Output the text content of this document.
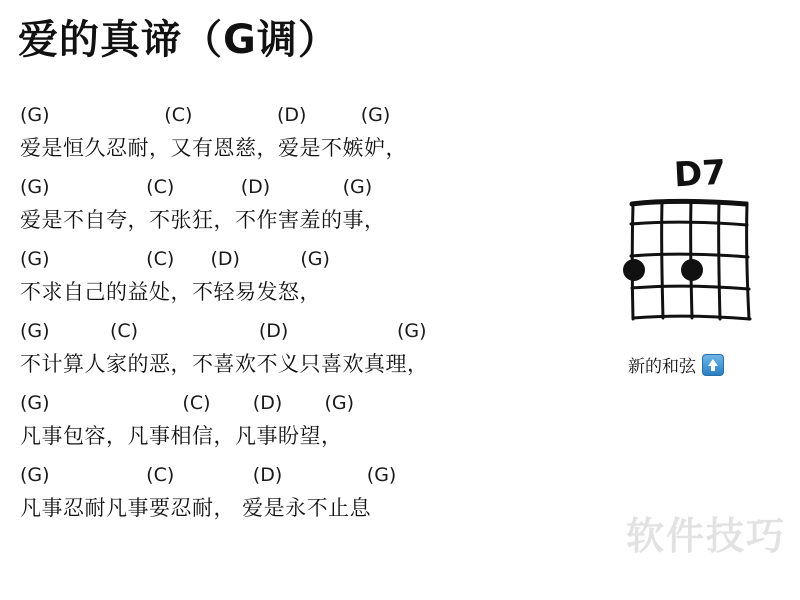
爱的真谛（G调）
(G)                   (C)              (D)         (G)
爱是恒久忍耐，又有恩慈，爱是不嫉妒，
(G)                (C)           (D)            (G)
爱是不自夸，不张狂，不作害羞的事，
(G)                (C)      (D)          (G)
不求自己的益处，不轻易发怒，
(G)          (C)                    (D)                  (G)
不计算人家的恶，不喜欢不义只喜欢真理，
(G)                      (C)       (D)       (G)
凡事包容，凡事相信，凡事盼望，
(G)                (C)             (D)              (G)
凡事忍耐凡事要忍耐， 爱是永不止息
D7
新的和弦
软件技巧
